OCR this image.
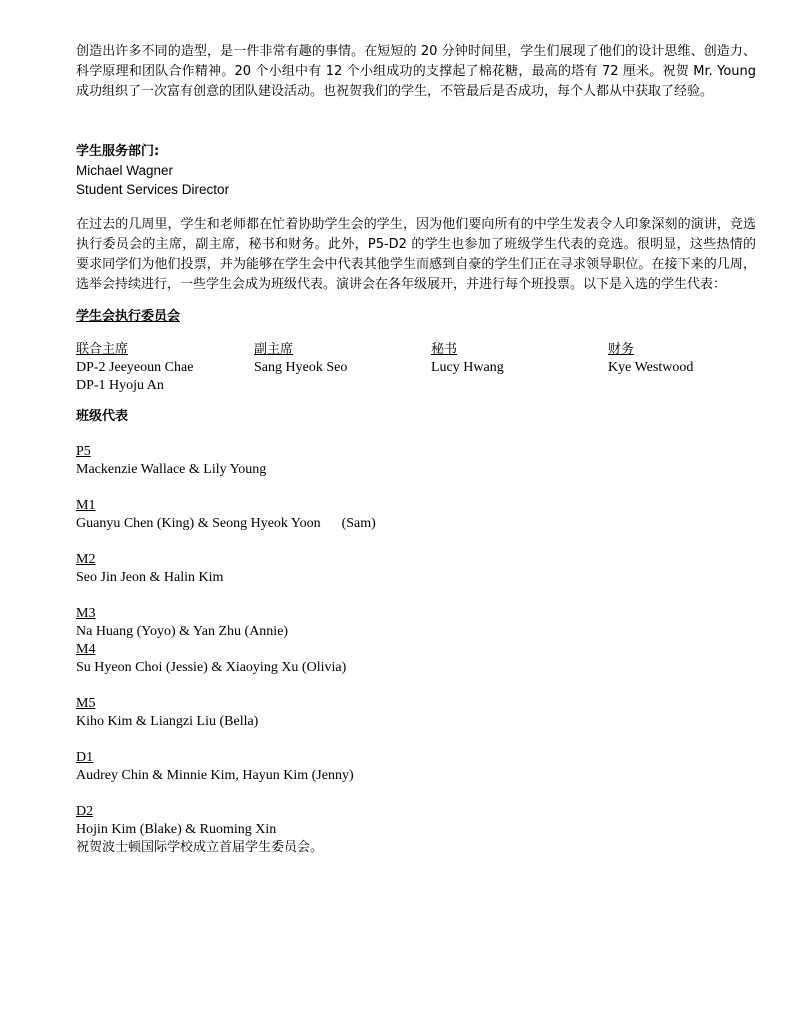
创造出许多不同的造型，是一件非常有趣的事情。在短短的 20 分钟时间里，学生们展现了他们的设计思维、创造力、科学原理和团队合作精神。20 个小组中有 12 个小组成功的支撑起了棉花糖，最高的塔有 72 厘米。祝贺 Mr. Young 成功组织了一次富有创意的团队建设活动。也祝贺我们的学生，不管最后是否成功，每个人都从中获取了经验。

学生服务部门:
Michael Wagner
Student Services Director

在过去的几周里，学生和老师都在忙着协助学生会的学生，因为他们要向所有的中学生发表令人印象深刻的演讲，竞选执行委员会的主席，副主席，秘书和财务。此外，P5-D2 的学生也参加了班级学生代表的竞选。很明显，这些热情的要求同学们为他们投票，并为能够在学生会中代表其他学生而感到自豪的学生们正在寻求领导职位。在接下来的几周，选举会持续进行，一些学生会成为班级代表。演讲会在各年级展开，并进行每个班投票。以下是入选的学生代表：

学生会执行委员会
联合主席
DP-2 Jeeyeoun Chae
DP-1 Hyoju An
副主席
Sang Hyeok Seo
秘书
Lucy Hwang
财务
Kye Westwood
班级代表
P5
Mackenzie Wallace & Lily Young
M1
Guanyu Chen (King) & Seong Hyeok Yoon      (Sam)
M2
Seo Jin Jeon & Halin Kim
M3
Na Huang (Yoyo) & Yan Zhu (Annie)
M4
Su Hyeon Choi (Jessie) & Xiaoying Xu (Olivia)
M5
Kiho Kim & Liangzi Liu (Bella)
D1
Audrey Chin & Minnie Kim, Hayun Kim (Jenny)
D2
Hojin Kim (Blake) & Ruoming Xin
祝贺波士顿国际学校成立首届学生委员会。
